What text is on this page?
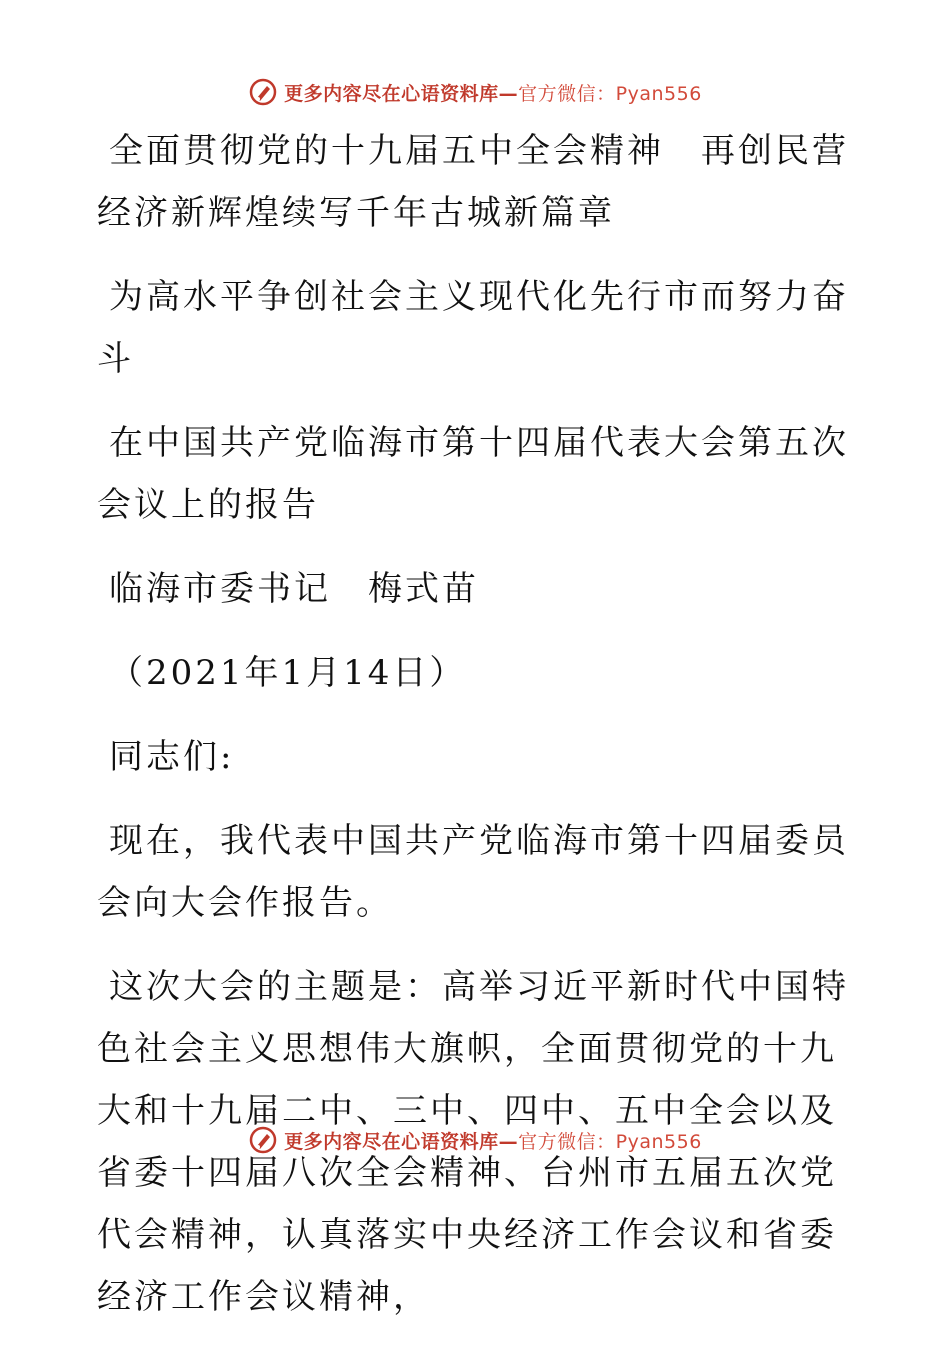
更多内容尽在心语资料库—官方微信：Pyan556

全面贯彻党的十九届五中全会精神　再创民营经济新辉煌续写千年古城新篇章

为高水平争创社会主义现代化先行市而努力奋斗

在中国共产党临海市第十四届代表大会第五次会议上的报告

临海市委书记　梅式苗

（2021年1月14日）

同志们:

现在，我代表中国共产党临海市第十四届委员会向大会作报告。

这次大会的主题是：高举习近平新时代中国特色社会主义思想伟大旗帜，全面贯彻党的十九大和十九届二中、三中、四中、五中全会以及省委十四届八次全会精神、台州市五届五次党代会精神，认真落实中央经济工作会议和省委经济工作会议精神，

更多内容尽在心语资料库—官方微信：Pyan556
